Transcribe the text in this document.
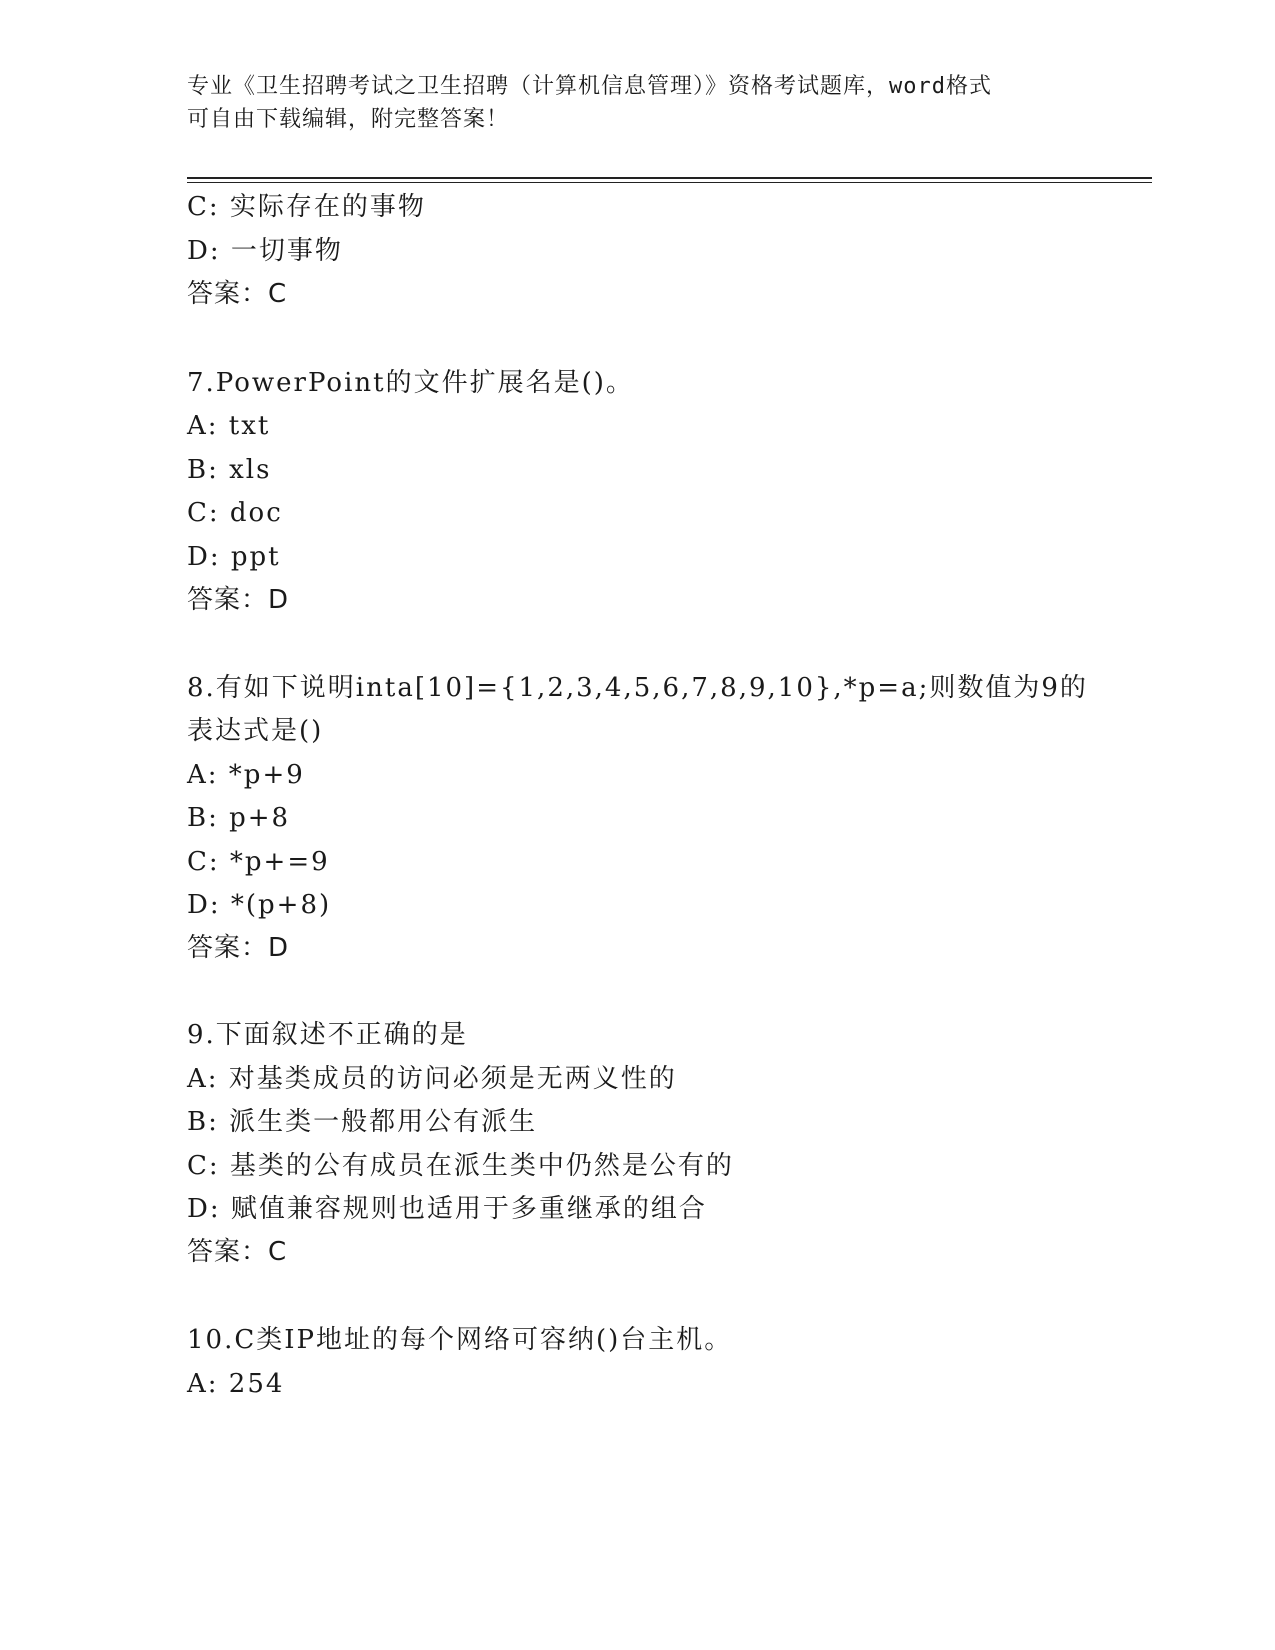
专业《卫生招聘考试之卫生招聘（计算机信息管理）》资格考试题库，word格式
可自由下载编辑，附完整答案！
C: 实际存在的事物
D: 一切事物
答案：C
7.PowerPoint的文件扩展名是()。
A: txt
B: xls
C: doc
D: ppt
答案：D
8.有如下说明inta[10]={1,2,3,4,5,6,7,8,9,10},*p=a;则数值为9的
表达式是()
A: *p+9
B: p+8
C: *p+=9
D: *(p+8)
答案：D
9.下面叙述不正确的是
A: 对基类成员的访问必须是无两义性的
B: 派生类一般都用公有派生
C: 基类的公有成员在派生类中仍然是公有的
D: 赋值兼容规则也适用于多重继承的组合
答案：C
10.C类IP地址的每个网络可容纳()台主机。
A: 254
